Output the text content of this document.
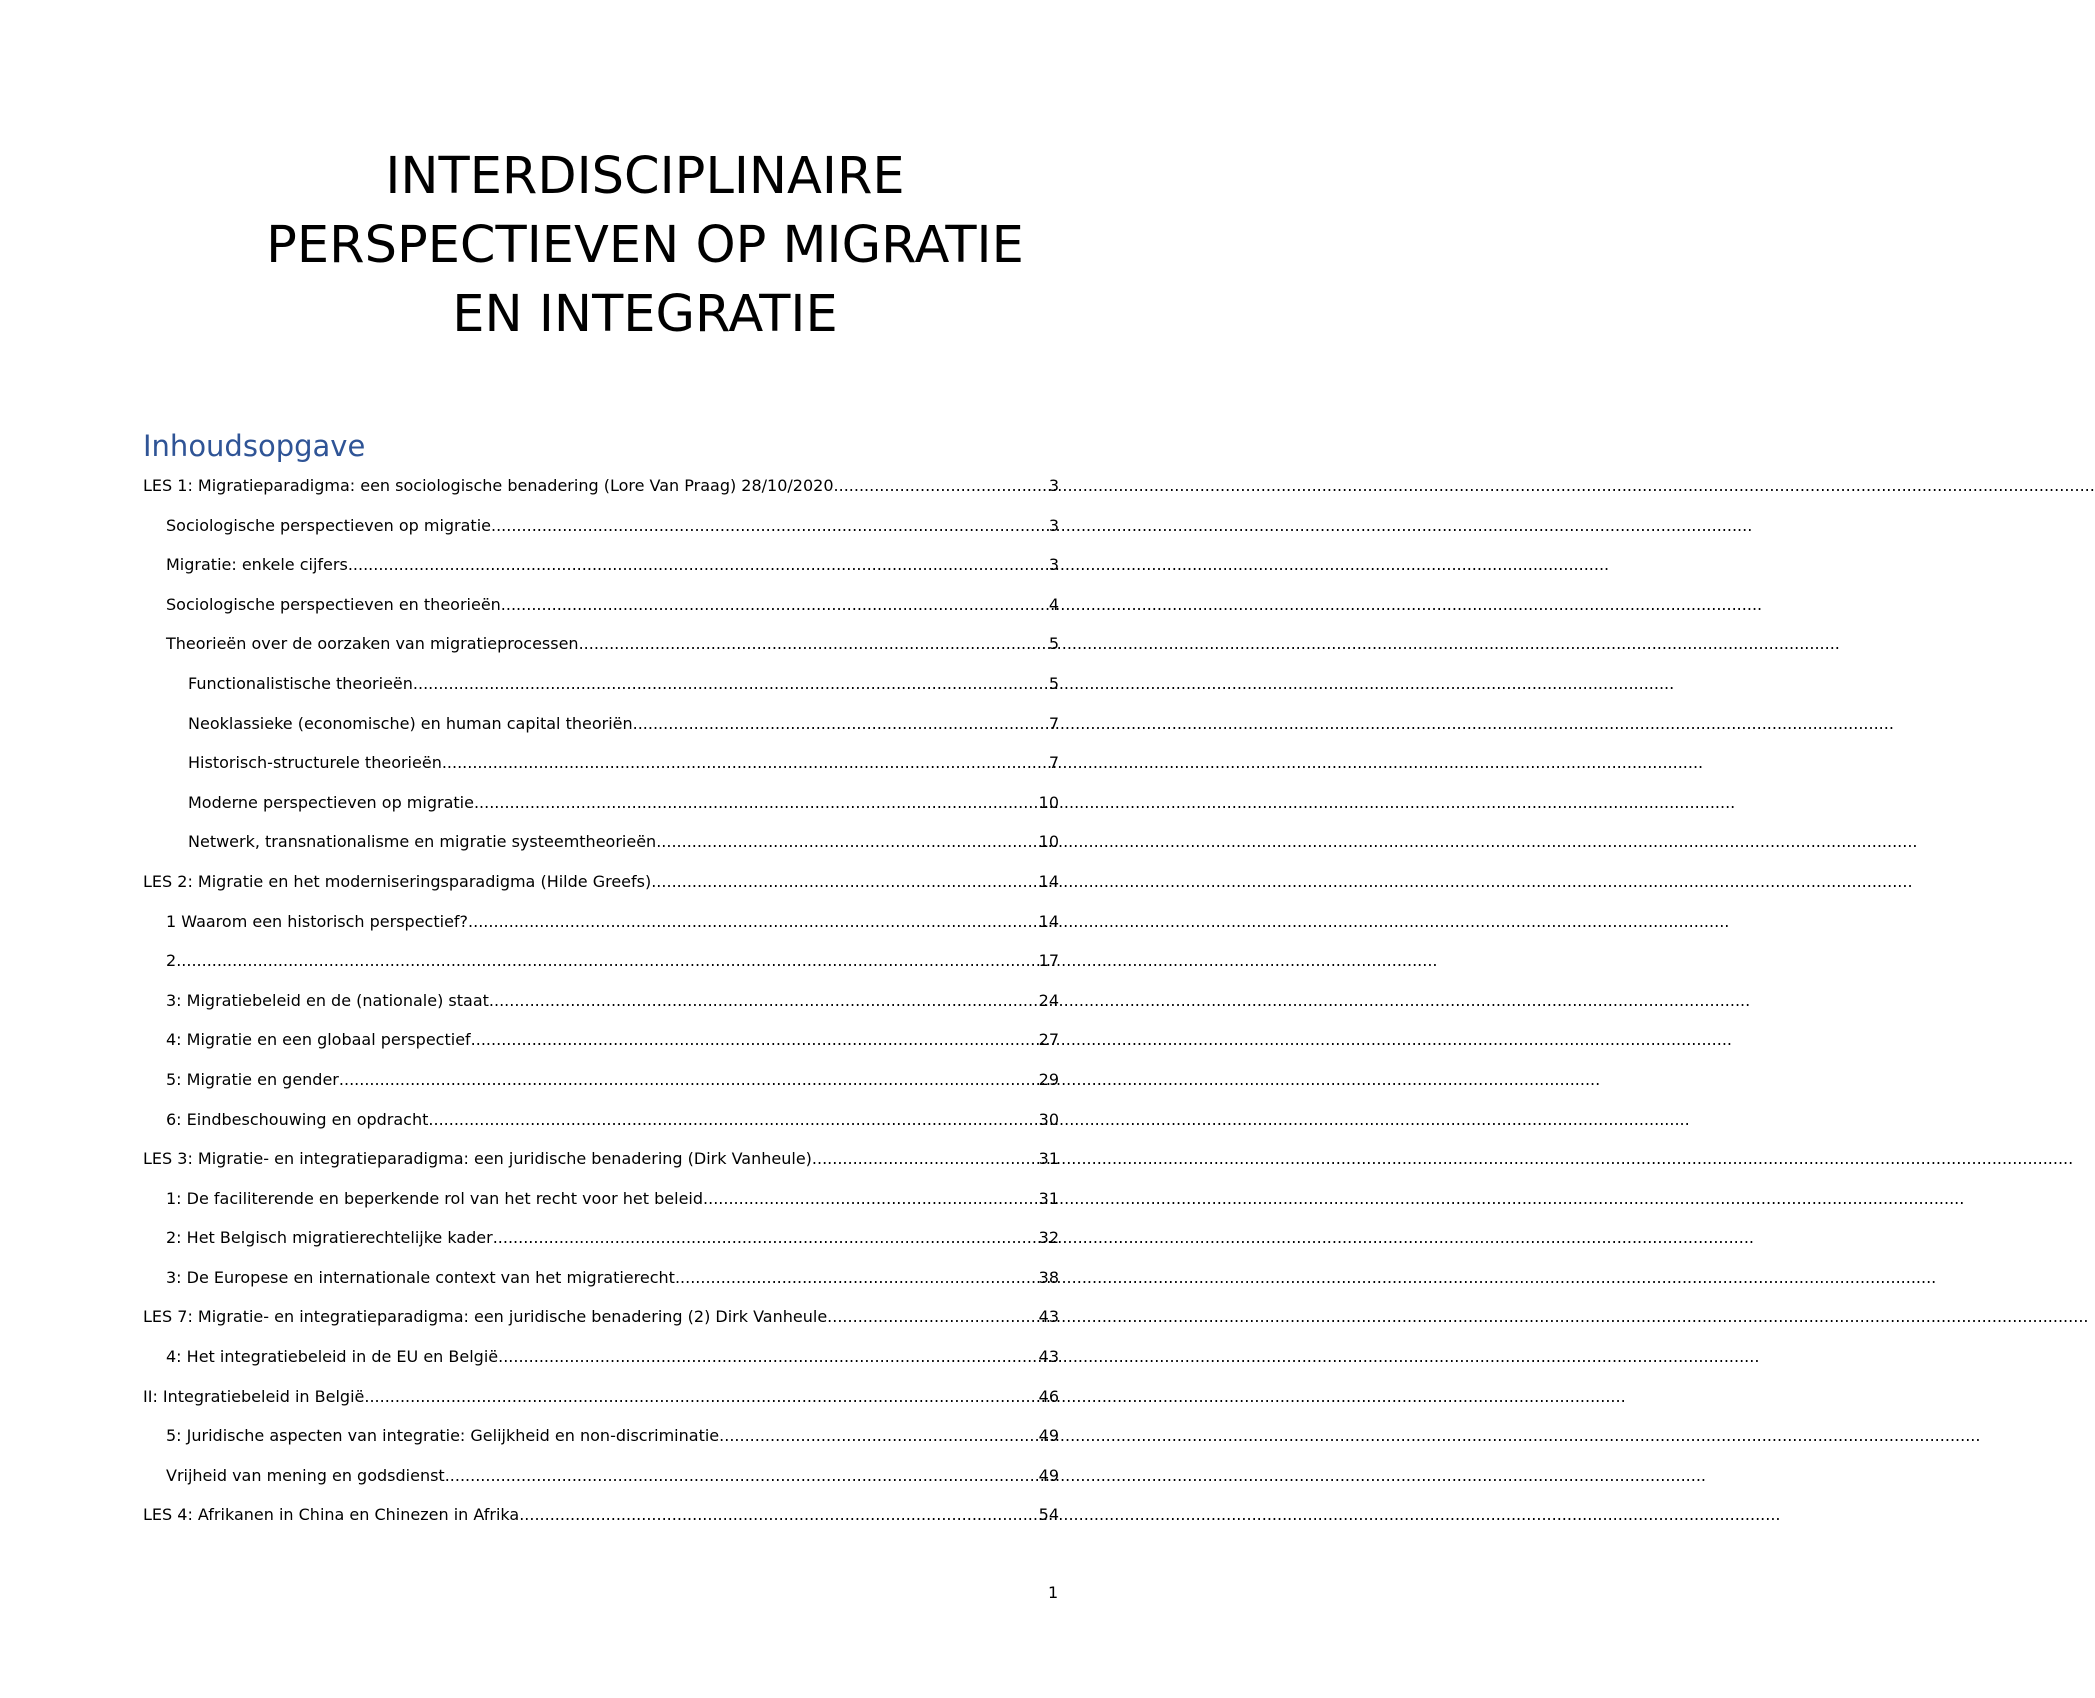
INTERDISCIPLINAIRE
PERSPECTIEVEN OP MIGRATIE
EN INTEGRATIE
Inhoudsopgave
LES 1: Migratieparadigma: een sociologische benadering (Lore Van Praag) 28/10/2020 .....	3
Sociologische perspectieven op migratie .....	3
Migratie: enkele cijfers .....	3
Sociologische perspectieven en theorieën .....	4
Theorieën over de oorzaken van migratieprocessen .....	5
Functionalistische theorieën .....	5
Neoklassieke (economische) en human capital theoriën .....	7
Historisch-structurele theorieën .....	7
Moderne perspectieven op migratie .....	10
Netwerk, transnationalisme en migratie systeemtheorieën .....	10
LES 2: Migratie en het moderniseringsparadigma (Hilde Greefs) .....	14
1 Waarom een historisch perspectief? .....	14
2 .....	17
3: Migratiebeleid en de (nationale) staat .....	24
4: Migratie en een globaal perspectief .....	27
5: Migratie en gender .....	29
6: Eindbeschouwing en opdracht .....	30
LES 3: Migratie- en integratieparadigma: een juridische benadering (Dirk Vanheule) .....	31
1: De faciliterende en beperkende rol van het recht voor het beleid .....	31
2: Het Belgisch migratierechtelijke kader .....	32
3: De Europese en internationale context van het migratierecht .....	38
LES 7: Migratie- en integratieparadigma: een juridische benadering (2) Dirk Vanheule .....	43
4: Het integratiebeleid in de EU en België .....	43
II: Integratiebeleid in België .....	46
5: Juridische aspecten van integratie: Gelijkheid en non-discriminatie .....	49
Vrijheid van mening en godsdienst .....	49
LES 4: Afrikanen in China en Chinezen in Afrika .....	54
1
